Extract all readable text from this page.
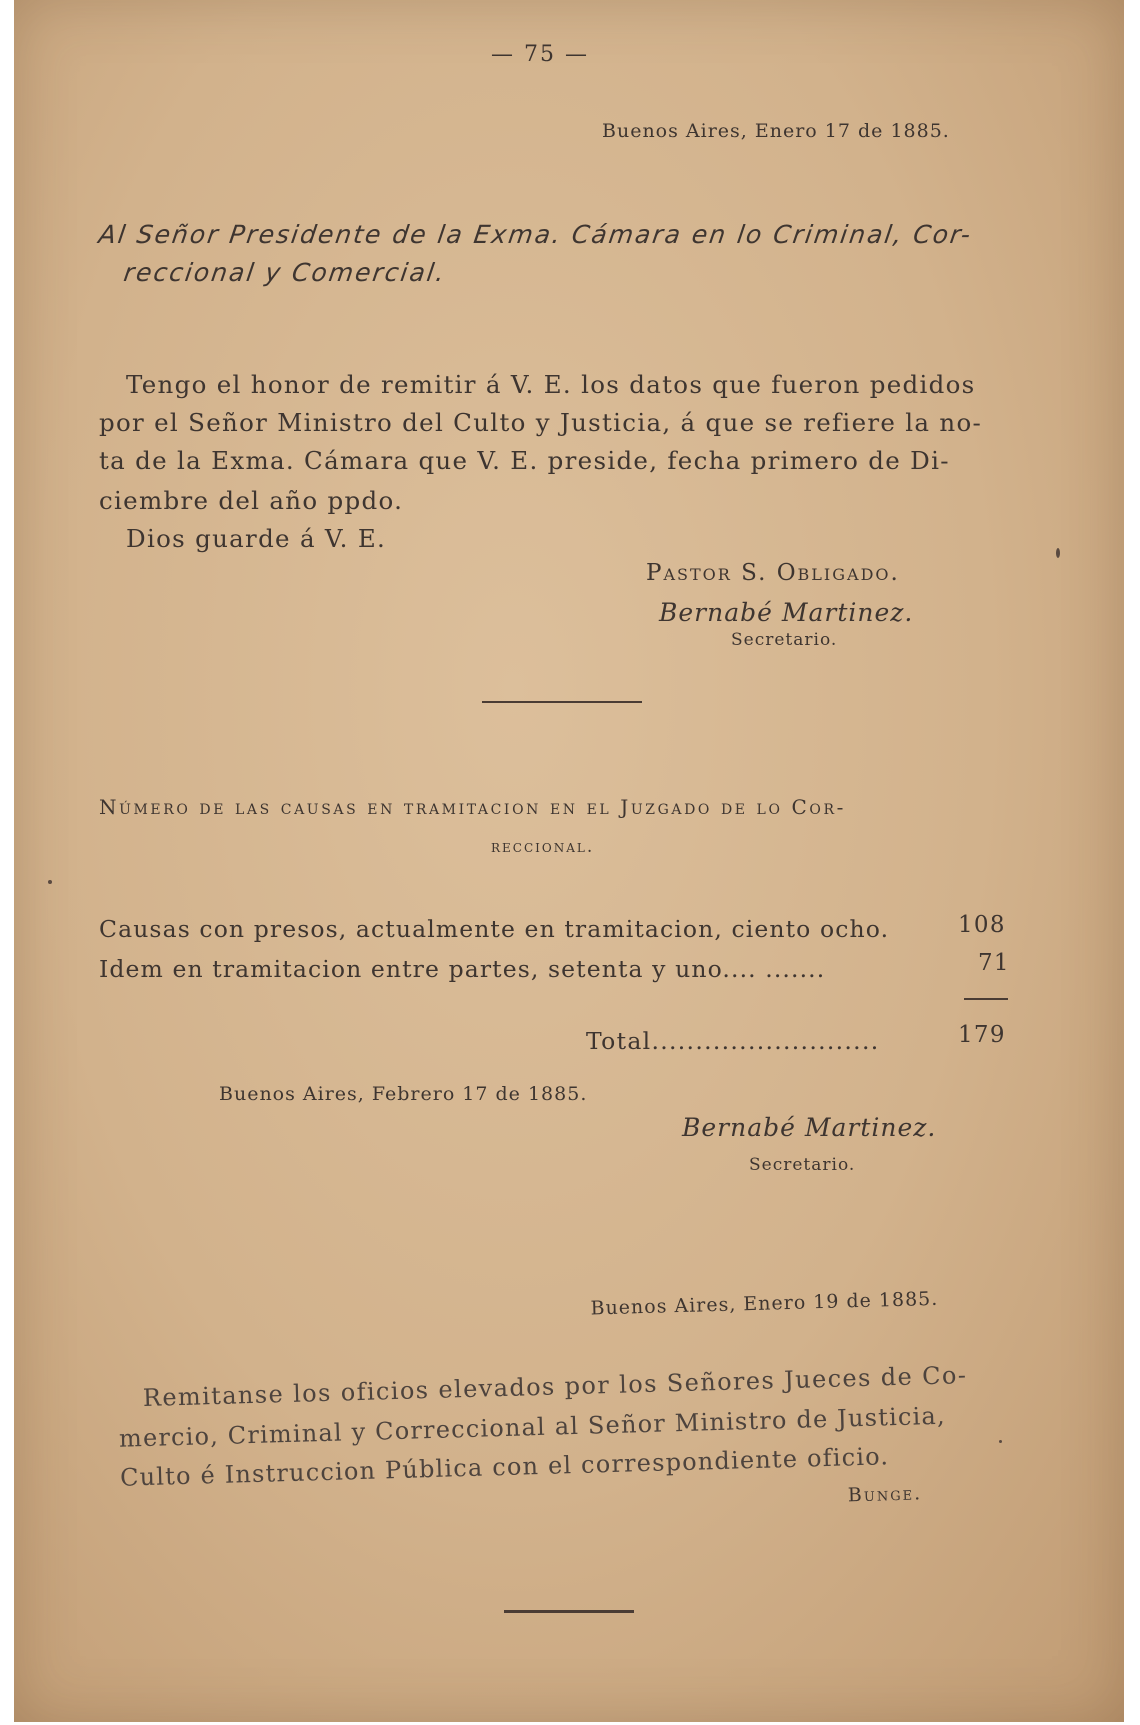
— 75 —
Buenos Aires, Enero 17 de 1885.
Al Señor Presidente de la Exma. Cámara en lo Criminal, Cor-
reccional y Comercial.
Tengo el honor de remitir á V. E. los datos que fueron pedidos
por el Señor Ministro del Culto y Justicia, á que se refiere la no-
ta de la Exma. Cámara que V. E. preside, fecha primero de Di-
ciembre del año ppdo.
Dios guarde á V. E.
Pastor S. Obligado.
Bernabé Martinez.
Secretario.
Número de las causas en tramitacion en el Juzgado de lo Cor-
reccional.
Causas con presos, actualmente en tramitacion, ciento ocho.	108
Idem en tramitacion entre partes, setenta y uno.... .......	71
Total..........................	179
Buenos Aires, Febrero 17 de 1885.
Bernabé Martinez.
Secretario.
Buenos Aires, Enero 19 de 1885.
Remitanse los oficios elevados por los Señores Jueces de Co-
mercio, Criminal y Correccional al Señor Ministro de Justicia,
Culto é Instruccion Pública con el correspondiente oficio.
Bunge.
